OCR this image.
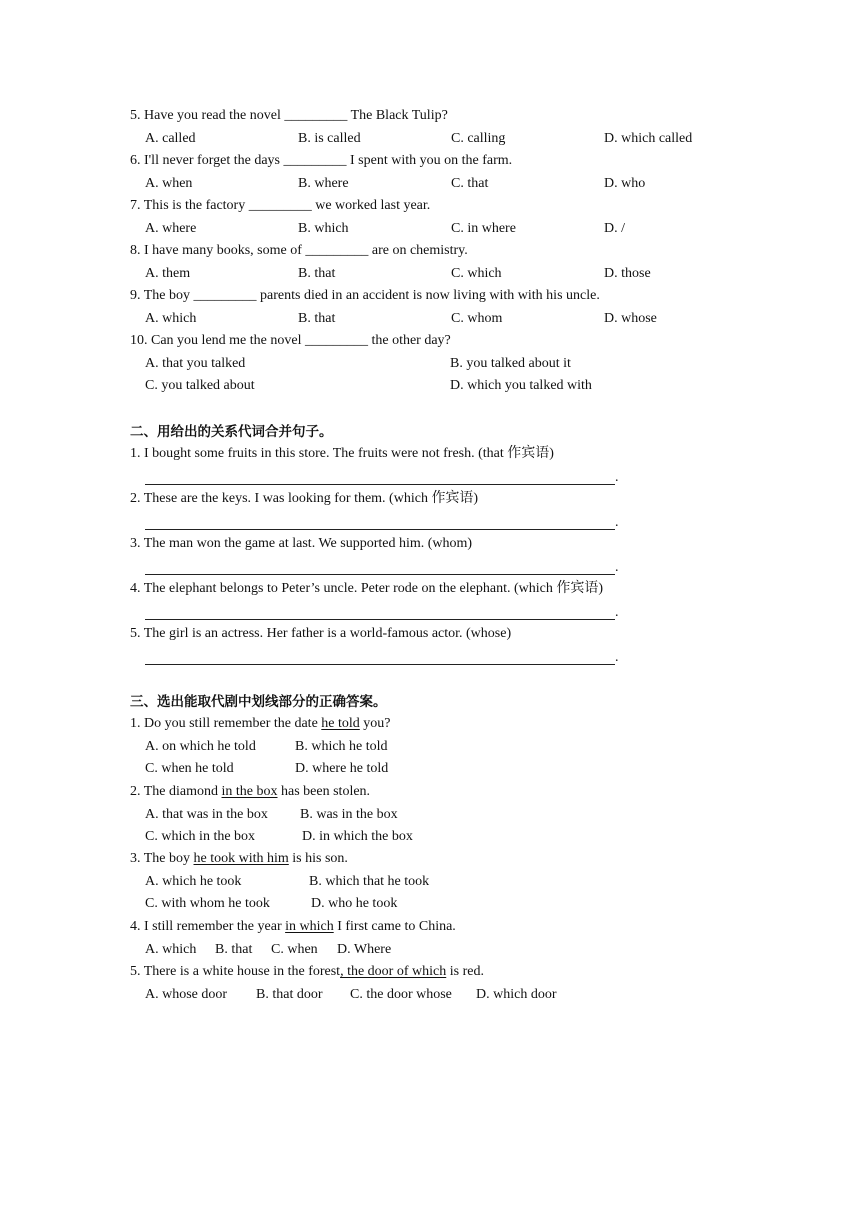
5. Have you read the novel _________ The Black Tulip?
A. called	B. is called	C. calling	D. which called
6. I'll never forget the days _________ I spent with you on the farm.
A. when	B. where	C. that	D. who
7. This is the factory _________ we worked last year.
A. where	B. which	C. in where	D. /
8. I have many books, some of _________ are on chemistry.
A. them	B. that	C. which	D. those
9. The boy _________ parents died in an accident is now living with with his uncle.
A. which	B. that	C. whom	D. whose
10. Can you lend me the novel _________ the other day?
A. that you talked	B. you talked about it
C. you talked about	D. which you talked with
二、用给出的关系代词合并句子。
1. I bought some fruits in this store. The fruits were not fresh. (that 作宾语)
.
2. These are the keys. I was looking for them. (which 作宾语)
.
3. The man won the game at last. We supported him. (whom)
.
4. The elephant belongs to Peter’s uncle. Peter rode on the elephant. (which 作宾语)
.
5. The girl is an actress. Her father is a world-famous actor. (whose)
.
三、选出能取代剧中划线部分的正确答案。
1. Do you still remember the date he told you?
A. on which he told	B. which he told
C. when he told	D. where he told
2. The diamond in the box has been stolen.
A. that was in the box B. was in the box
C. which in the box	D. in which the box
3. The boy he took with him is his son.
A. which he took	B. which that he took
C. with whom he took	D. who he took
4. I still remember the year in which I first came to China.
A. which B. that C. when D. Where
5. There is a white house in the forest, the door of which is red.
A. whose door B. that door C. the door whose D. which door
